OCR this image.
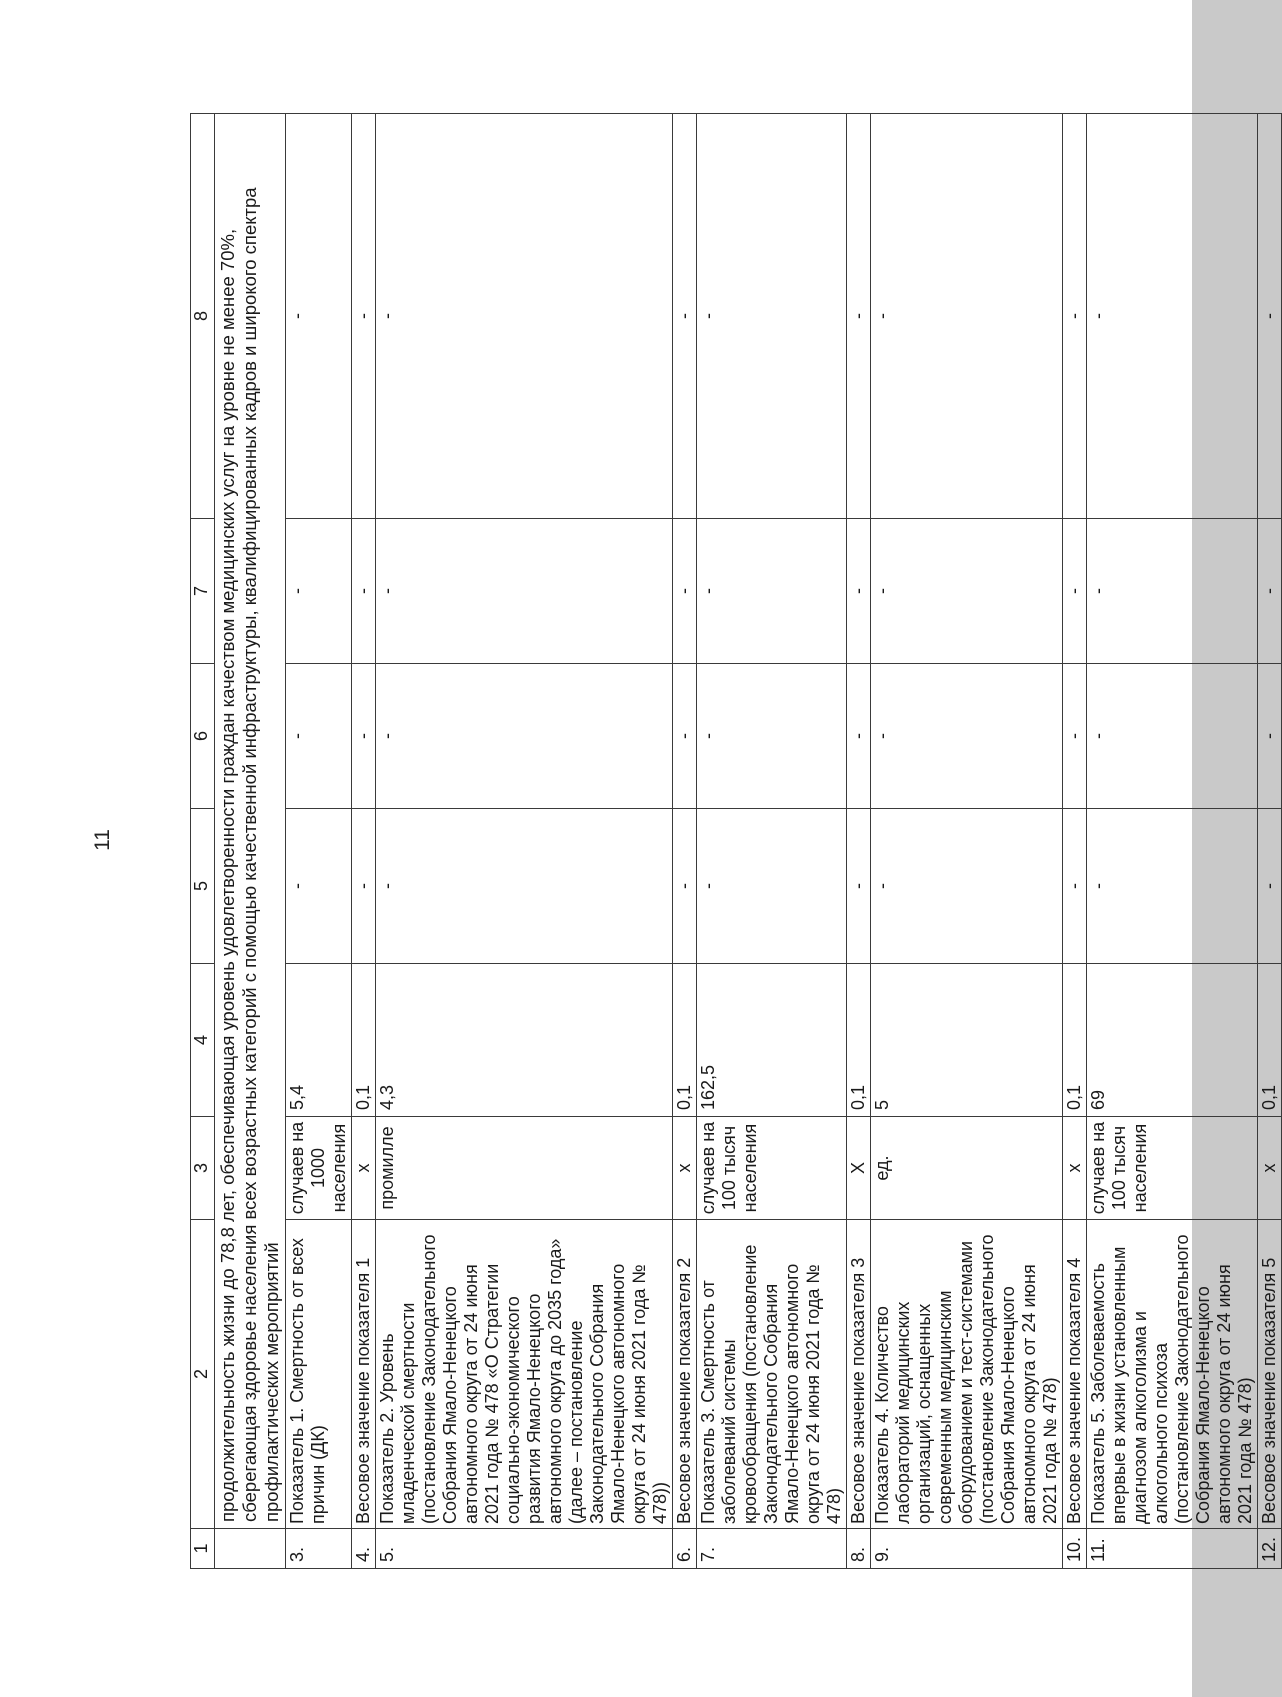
11
1	2	3	4	5	6	7	8
	продолжительность жизни до 78,8 лет, обеспечивающая уровень удовлетворенности граждан качеством медицинских услуг на уровне не менее 70%, сберегающая здоровье населения всех возрастных категорий с помощью качественной инфраструктуры, квалифицированных кадров и широкого спектра профилактических мероприятий						
3.	Показатель 1. Смертность от всех причин (ДК)	случаев на 1000 населения	5,4	-	-	-	-
4.	Весовое значение показателя 1	х	0,1	-	-	-	-
5.	Показатель 2. Уровень младенческой смертности (постановление Законодательного Собрания Ямало-Ненецкого автономного округа от 24 июня 2021 года № 478 «О Стратегии социально-экономического развития Ямало-Ненецкого автономного округа до 2035 года» (далее – постановление Законодательного Собрания Ямало-Ненецкого автономного округа от 24 июня 2021 года № 478))	промилле	4,3	-	-	-	-
6.	Весовое значение показателя 2	х	0,1	-	-	-	-
7.	Показатель 3. Смертность от заболеваний системы кровообращения (постановление Законодательного Собрания Ямало-Ненецкого автономного округа от 24 июня 2021 года № 478)	случаев на 100 тысяч населения	162,5	-	-	-	-
8.	Весовое значение показателя 3	Х	0,1	-	-	-	-
9.	Показатель 4. Количество лабораторий медицинских организаций, оснащенных современным медицинским оборудованием и тест-системами (постановление Законодательного Собрания Ямало-Ненецкого автономного округа от 24 июня 2021 года № 478)	ед.	5	-	-	-	-
10.	Весовое значение показателя 4	х	0,1	-	-	-	-
11.	Показатель 5. Заболеваемость впервые в жизни установленным диагнозом алкоголизма и алкогольного психоза (постановление Законодательного Собрания Ямало-Ненецкого автономного округа от 24 июня 2021 года № 478)	случаев на 100 тысяч населения	69	-	-	-	-
12.	Весовое значение показателя 5	х	0,1	-	-	-	-
